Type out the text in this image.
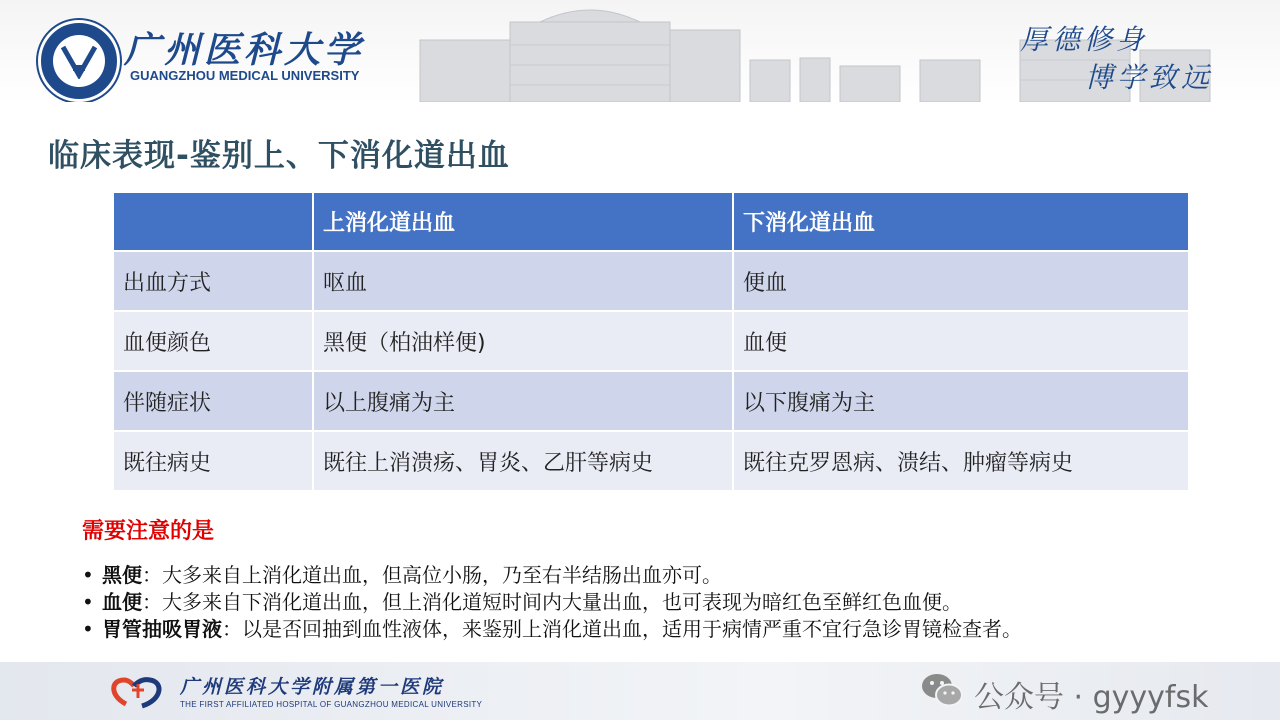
广州医科大学
GUANGZHOU MEDICAL UNIVERSITY
厚德修身
博学致远
临床表现-鉴别上、下消化道出血
	上消化道出血	下消化道出血
出血方式	呕血	便血
血便颜色	黑便（柏油样便)	血便
伴随症状	以上腹痛为主	以下腹痛为主
既往病史	既往上消溃疡、胃炎、乙肝等病史	既往克罗恩病、溃结、肿瘤等病史
需要注意的是
• 黑便：大多来自上消化道出血，但高位小肠，乃至右半结肠出血亦可。
• 血便：大多来自下消化道出血，但上消化道短时间内大量出血，也可表现为暗红色至鲜红色血便。
• 胃管抽吸胃液：以是否回抽到血性液体，来鉴别上消化道出血，适用于病情严重不宜行急诊胃镜检查者。
广州医科大学附属第一医院
THE FIRST AFFILIATED HOSPITAL OF GUANGZHOU MEDICAL UNIVERSITY	公众号 · gyyyfsk
